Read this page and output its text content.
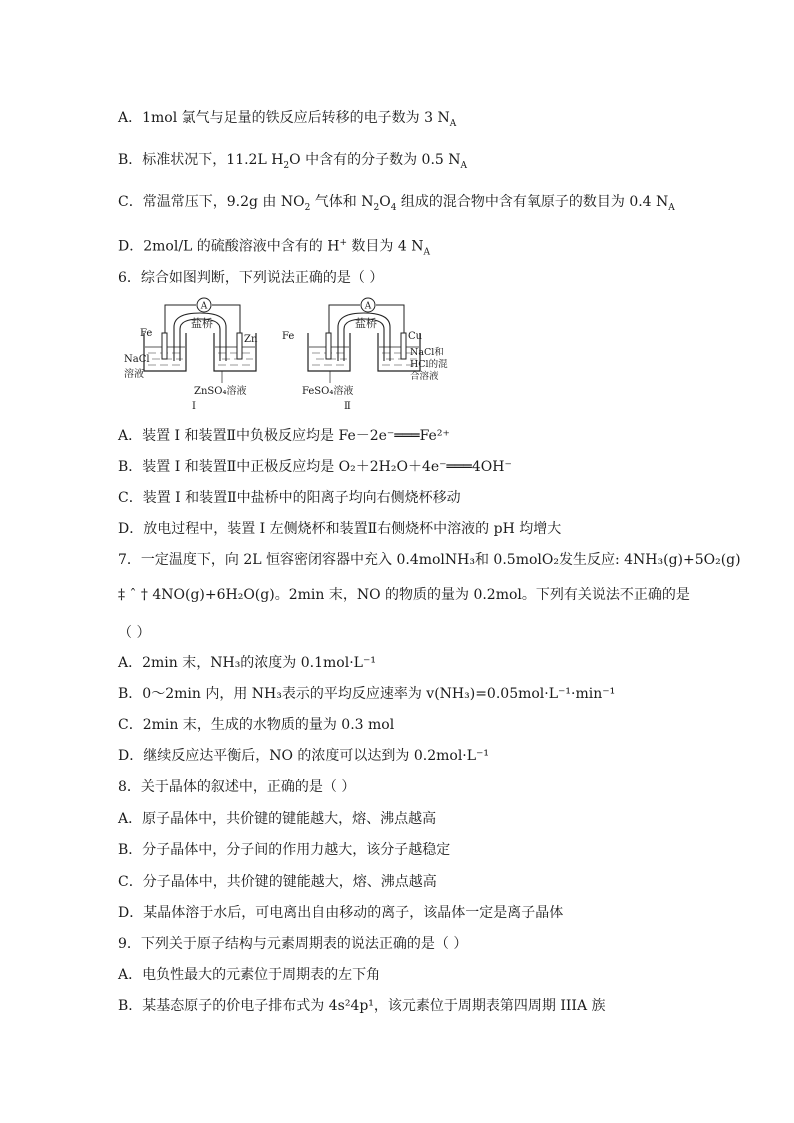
A．1mol 氯气与足量的铁反应后转移的电子数为 3 $N_A$
B．标准状况下，11.2L $H_2O$ 中含有的分子数为 0.5 $N_A$
C．常温常压下，9.2g 由 $NO_2$ 气体和 $N_2O_4$ 组成的混合物中含有氧原子的数目为 0.4 $N_A$
D．2mol/L 的硫酸溶液中含有的 H+ 数目为 4 $N_A$
6．综合如图判断，下列说法正确的是（ ）
A
盐桥
Fe
Zn
NaCl
溶液
ZnSO₄溶液
I
A
盐桥
Fe	Cu
NaCl和
HCl的混
合溶液
FeSO₄溶液
Ⅱ
A．装置 I 和装置Ⅱ中负极反应均是 Fe－2e⁻═══Fe²⁺
B．装置 I 和装置Ⅱ中正极反应均是 O₂＋2H₂O＋4e⁻═══4OH⁻
C．装置 I 和装置Ⅱ中盐桥中的阳离子均向右侧烧杯移动
D．放电过程中，装置 I 左侧烧杯和装置Ⅱ右侧烧杯中溶液的 pH 均增大
7．一定温度下，向 2L 恒容密闭容器中充入 0.4molNH₃和 0.5molO₂发生反应: 4NH₃(g)+5O₂(g)
‡ ˆ † 4NO(g)+6H₂O(g)。2min 末，NO 的物质的量为 0.2mol。下列有关说法不正确的是
（ ）
A．2min 末，NH₃的浓度为 0.1mol·L⁻¹
B．0～2min 内，用 NH₃表示的平均反应速率为 v(NH₃)=0.05mol·L⁻¹·min⁻¹
C．2min 末，生成的水物质的量为 0.3 mol
D．继续反应达平衡后，NO 的浓度可以达到为 0.2mol·L⁻¹
8．关于晶体的叙述中，正确的是（ ）
A．原子晶体中，共价键的键能越大，熔、沸点越高
B．分子晶体中，分子间的作用力越大，该分子越稳定
C．分子晶体中，共价键的键能越大，熔、沸点越高
D．某晶体溶于水后，可电离出自由移动的离子，该晶体一定是离子晶体
9．下列关于原子结构与元素周期表的说法正确的是（ ）
A．电负性最大的元素位于周期表的左下角
B．某基态原子的价电子排布式为 4s²4p¹，该元素位于周期表第四周期 IIIA 族
